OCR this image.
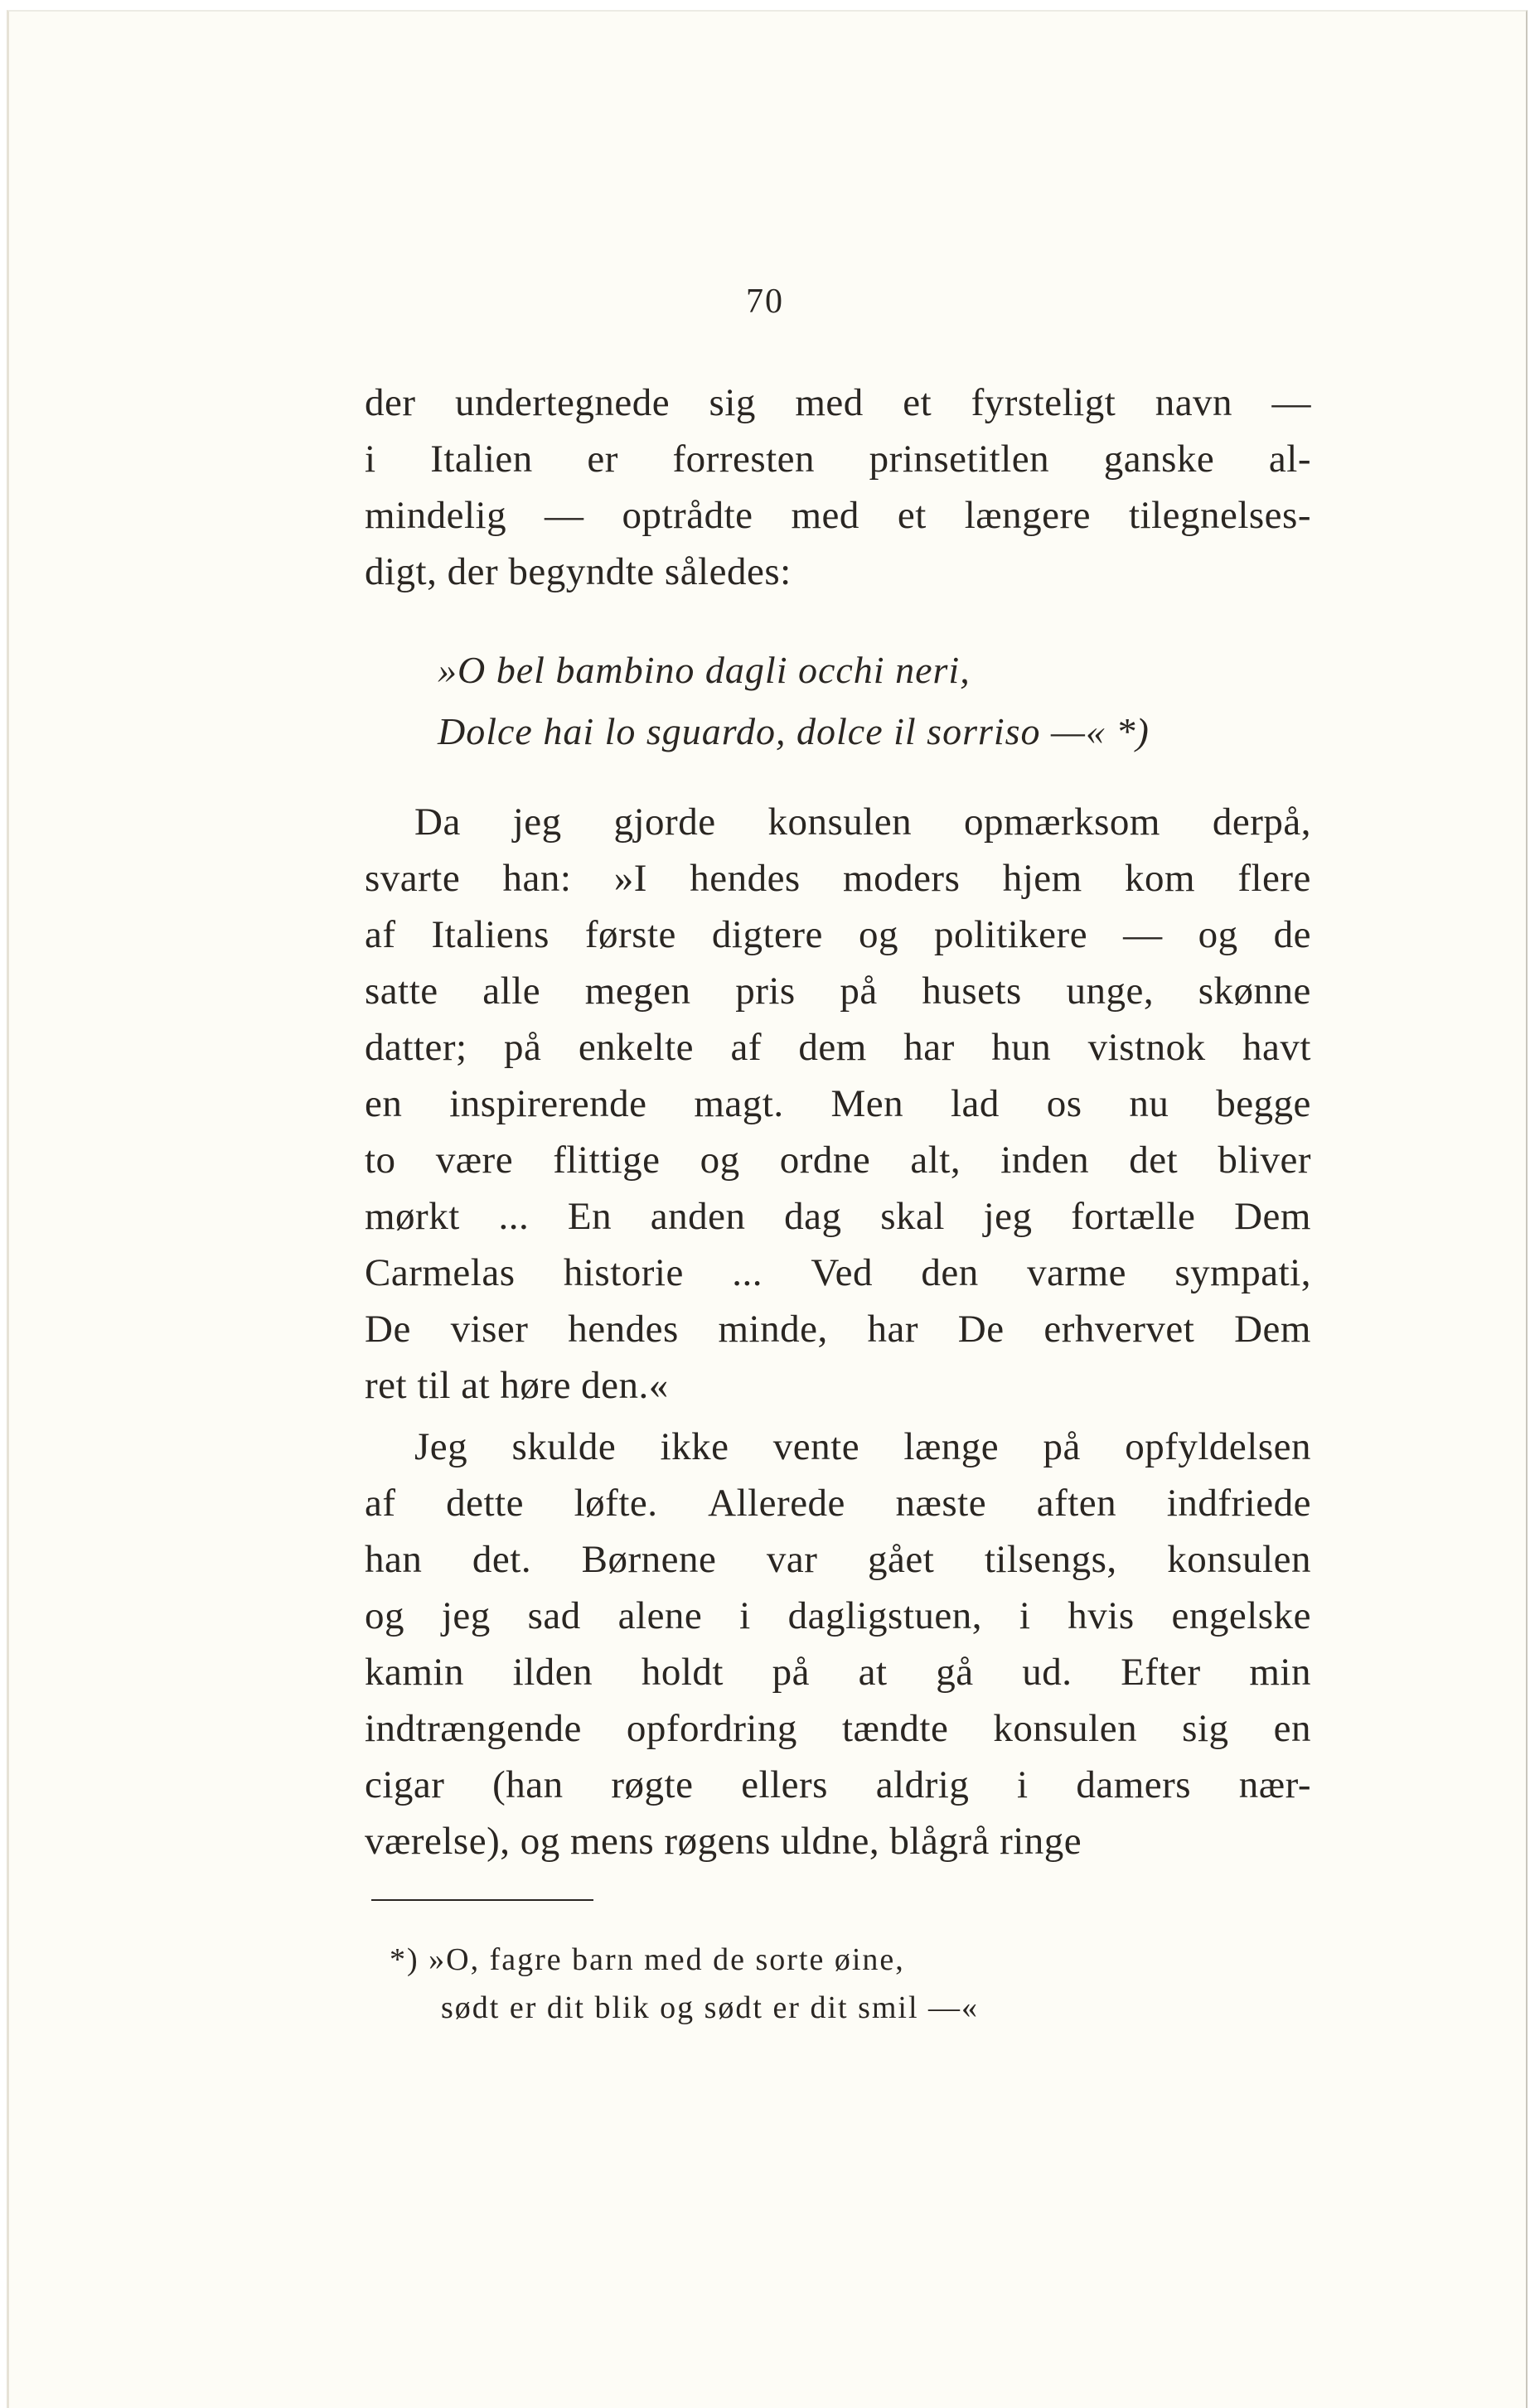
70
der undertegnede sig med et fyrsteligt navn —
i Italien er forresten prinsetitlen ganske al-
mindelig — optrådte med et længere tilegnelses-
digt, der begyndte således:
»O bel bambino dagli occhi neri,
Dolce hai lo sguardo, dolce il sorriso —« *)
Da jeg gjorde konsulen opmærksom derpå,
svarte han: »I hendes moders hjem kom flere
af Italiens første digtere og politikere — og de
satte alle megen pris på husets unge, skønne
datter; på enkelte af dem har hun vistnok havt
en inspirerende magt. Men lad os nu begge
to være flittige og ordne alt, inden det bliver
mørkt ... En anden dag skal jeg fortælle Dem
Carmelas historie ... Ved den varme sympati,
De viser hendes minde, har De erhvervet Dem
ret til at høre den.«
Jeg skulde ikke vente længe på opfyldelsen
af dette løfte. Allerede næste aften indfriede
han det. Børnene var gået tilsengs, konsulen
og jeg sad alene i dagligstuen, i hvis engelske
kamin ilden holdt på at gå ud. Efter min
indtrængende opfordring tændte konsulen sig en
cigar (han røgte ellers aldrig i damers nær-
værelse), og mens røgens uldne, blågrå ringe
*) »O, fagre barn med de sorte øine,
sødt er dit blik og sødt er dit smil —«
